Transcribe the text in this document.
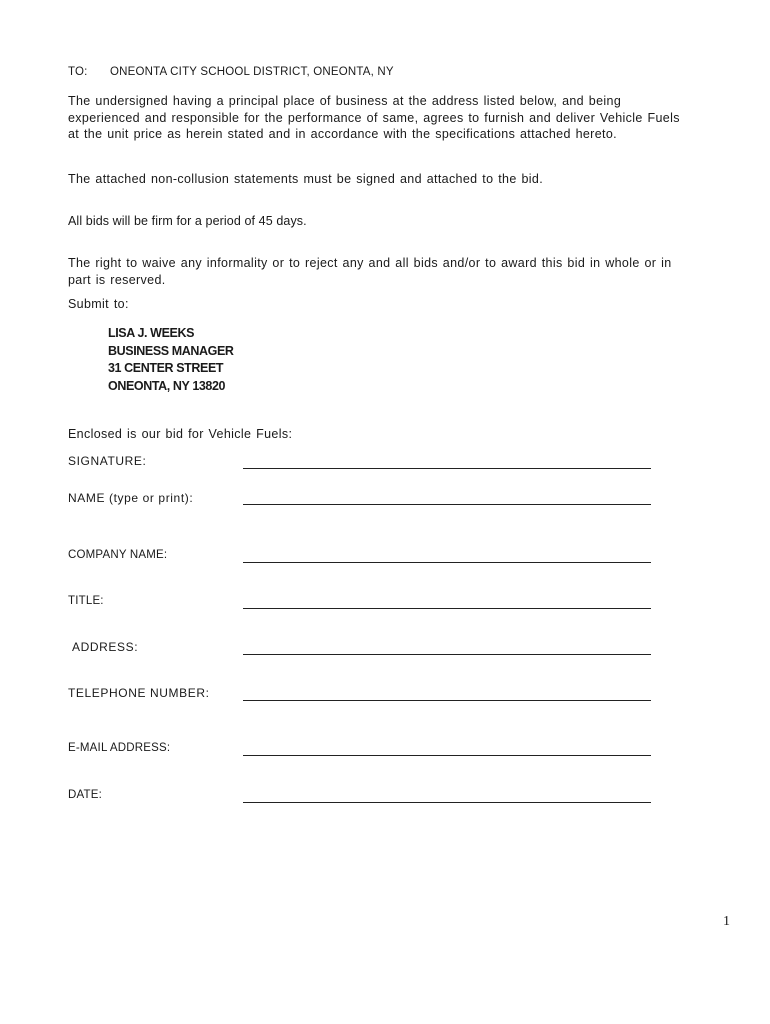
TO: ONEONTA CITY SCHOOL DISTRICT, ONEONTA, NY
The undersigned having a principal place of business at the address listed below, and being experienced and responsible for the performance of same, agrees to furnish and deliver Vehicle Fuels at the unit price as herein stated and in accordance with the specifications attached hereto.
The attached non-collusion statements must be signed and attached to the bid.
All bids will be firm for a period of 45 days.
The right to waive any informality or to reject any and all bids and/or to award this bid in whole or in part is reserved.
Submit to:
LISA J. WEEKS
BUSINESS MANAGER
31 CENTER STREET
ONEONTA, NY 13820
Enclosed is our bid for Vehicle Fuels:
SIGNATURE:
NAME (type or print):
COMPANY NAME:
TITLE:
ADDRESS:
TELEPHONE NUMBER:
E-MAIL ADDRESS:
DATE:
1
